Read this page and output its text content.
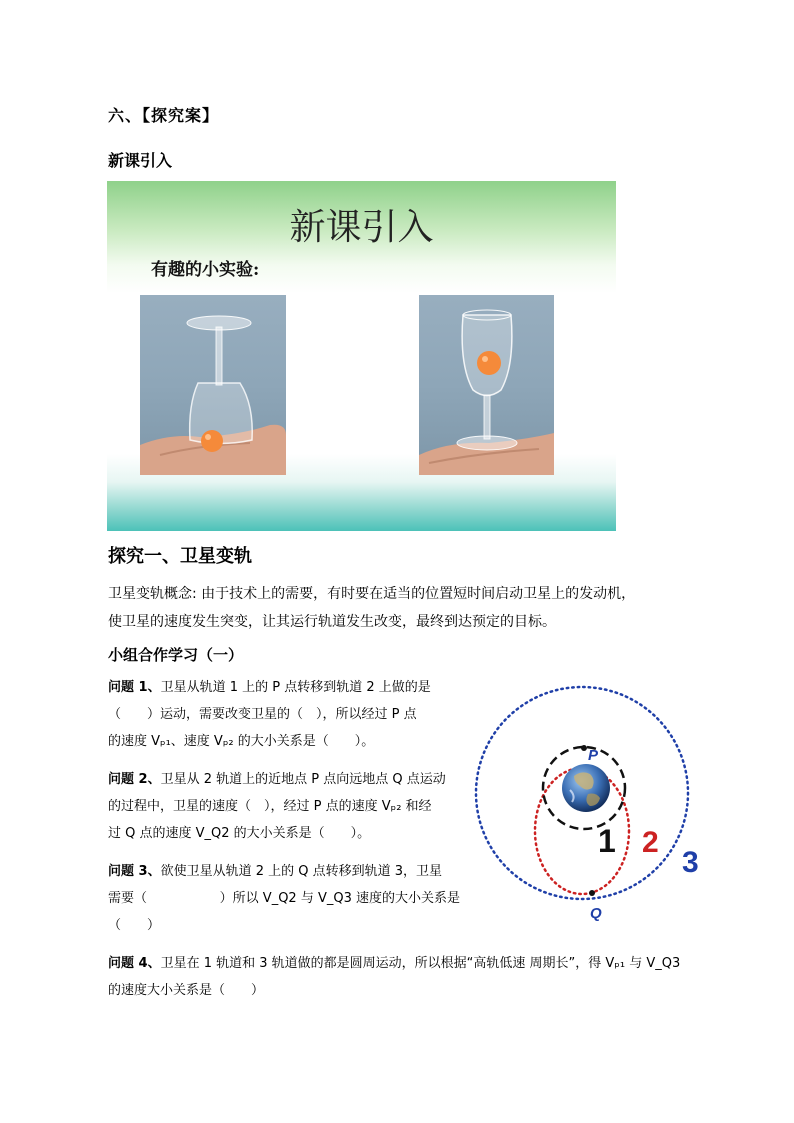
六、【探究案】
新课引入
新课引入
有趣的小实验:
探究一、卫星变轨
卫星变轨概念: 由于技术上的需要，有时要在适当的位置短时间启动卫星上的发动机，
使卫星的速度发生突变，让其运行轨道发生改变，最终到达预定的目标。
小组合作学习（一）
问题 1、卫星从轨道 1 上的 P 点转移到轨道 2 上做的是
（　　）运动，需要改变卫星的（　），所以经过 P 点
的速度 Vₚ₁、速度 Vₚ₂ 的大小关系是（　　）。
问题 2、卫星从 2 轨道上的近地点 P 点向远地点 Q 点运动
的过程中，卫星的速度（　），经过 P 点的速度 Vₚ₂ 和经
过 Q 点的速度 V_Q2 的大小关系是（　　）。
问题 3、欲使卫星从轨道 2 上的 Q 点转移到轨道 3，卫星
需要（	）所以 V_Q2 与 V_Q3 速度的大小关系是
（　　）
问题 4、卫星在 1 轨道和 3 轨道做的都是圆周运动，所以根据“高轨低速 周期长”，得 Vₚ₁ 与 V_Q3
的速度大小关系是（　　）
P
Q
1 2
3
